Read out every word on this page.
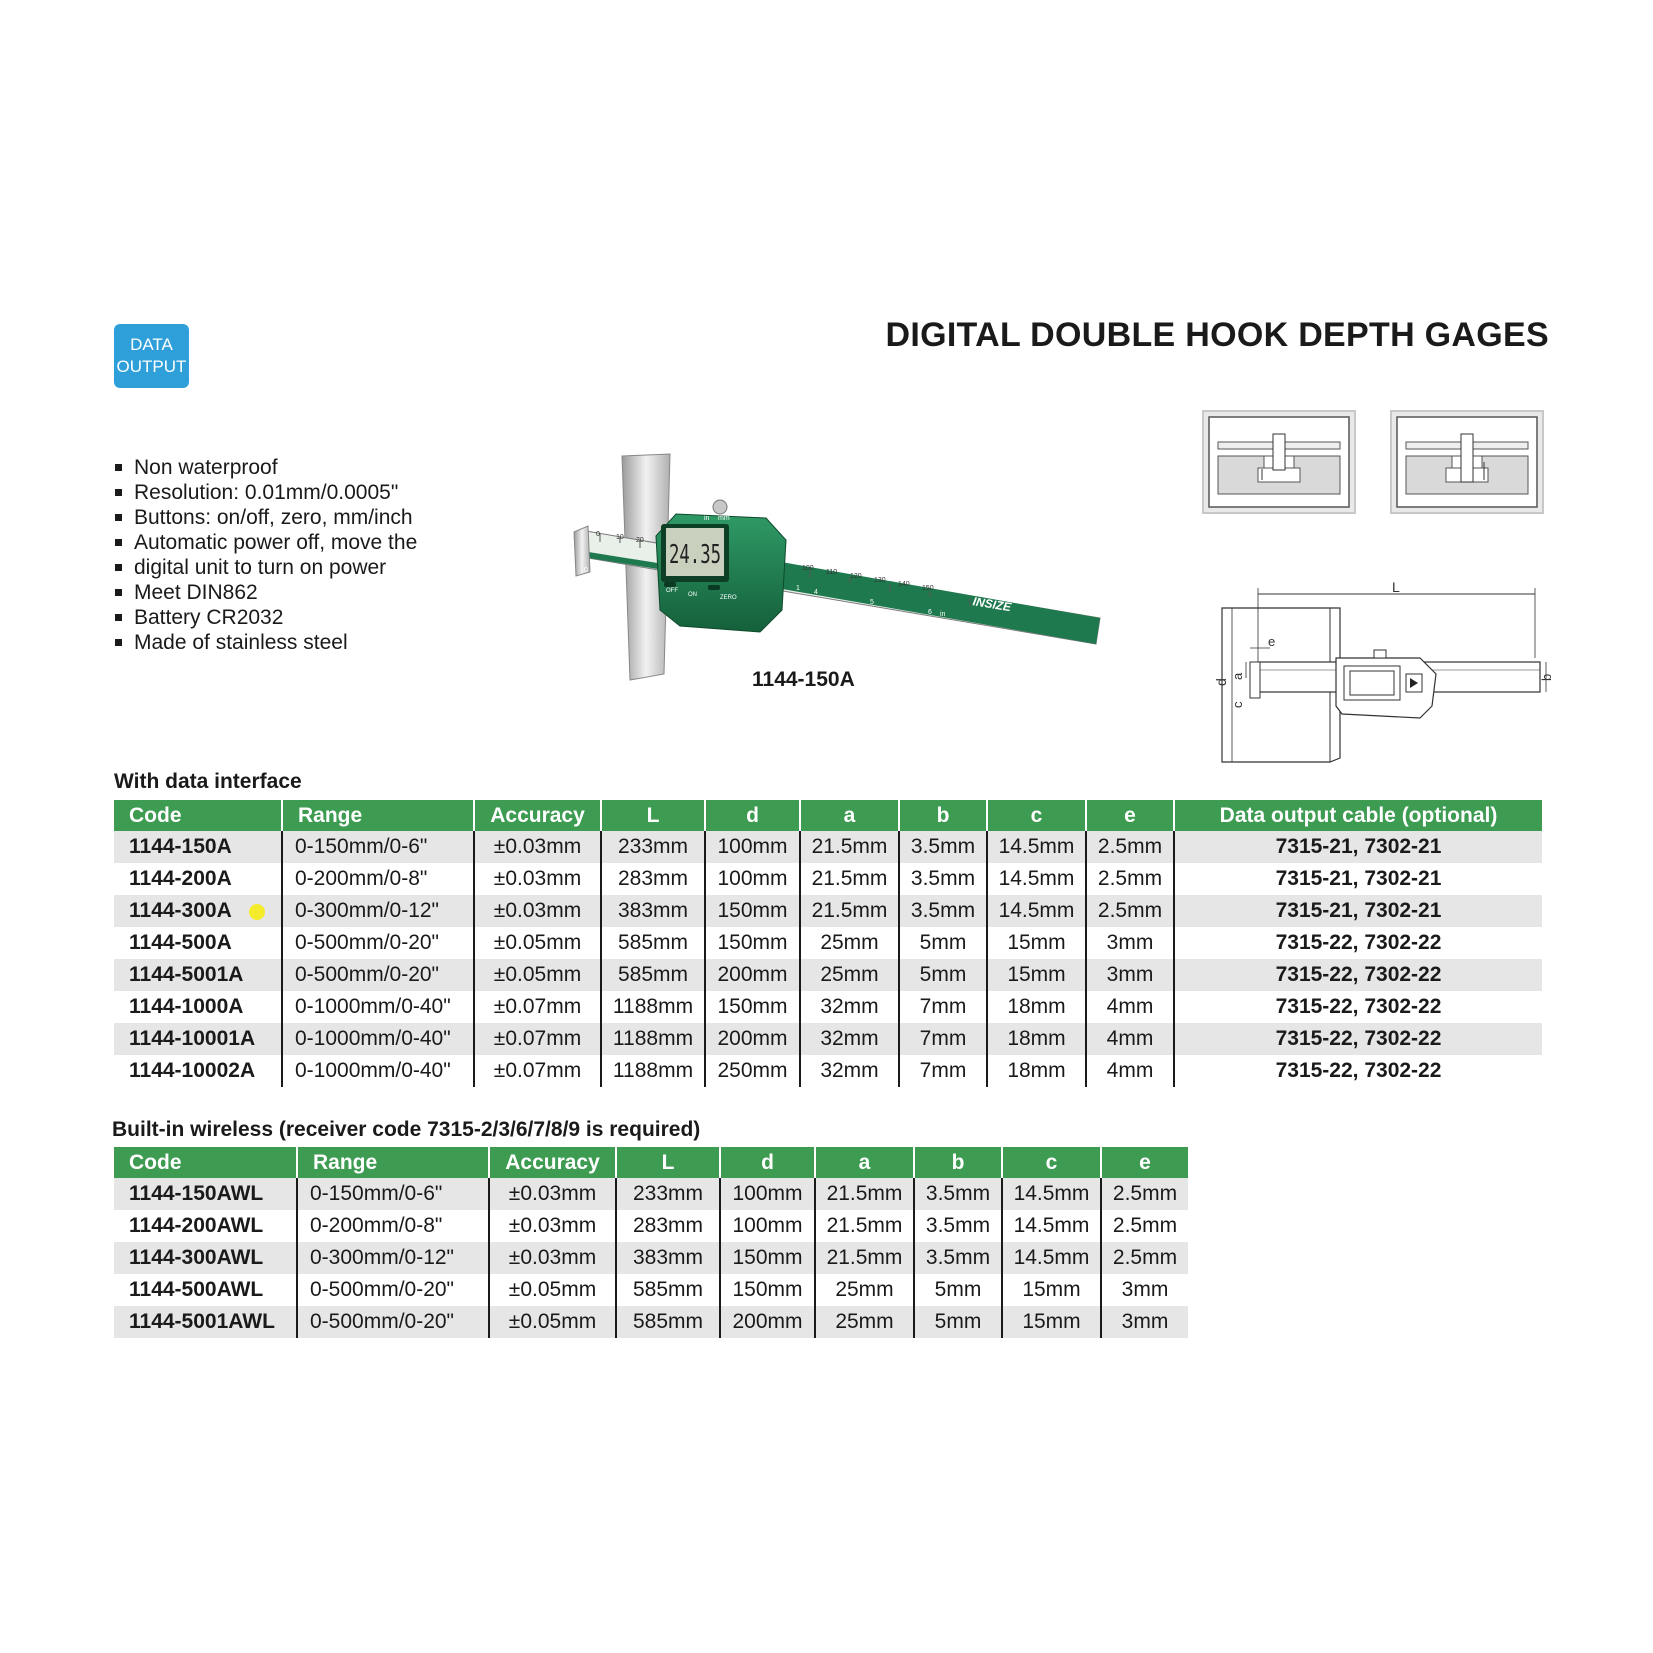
DATA
OUTPUT
DIGITAL DOUBLE HOOK DEPTH GAGES
Non waterproof
Resolution: 0.01mm/0.0005"
Buttons: on/off, zero, mm/inch
Automatic power off, move the
digital unit to turn on power
Meet DIN862
Battery CR2032
Made of stainless steel
0 10 20
100
110
120
130
140
150
0
1
4
5
6 in
INSIZE
24.35
in mm
OFF
ON	ZERO
1144-150A
L
d
a
c
e
b
With data interface
Code	Range	Accuracy	L	d	a	b	c	e	Data output cable (optional)
1144-150A	0-150mm/0-6"	±0.03mm	233mm	100mm	21.5mm	3.5mm	14.5mm	2.5mm	7315-21, 7302-21
1144-200A	0-200mm/0-8"	±0.03mm	283mm	100mm	21.5mm	3.5mm	14.5mm	2.5mm	7315-21, 7302-21
1144-300A	0-300mm/0-12"	±0.03mm	383mm	150mm	21.5mm	3.5mm	14.5mm	2.5mm	7315-21, 7302-21
1144-500A	0-500mm/0-20"	±0.05mm	585mm	150mm	25mm	5mm	15mm	3mm	7315-22, 7302-22
1144-5001A	0-500mm/0-20"	±0.05mm	585mm	200mm	25mm	5mm	15mm	3mm	7315-22, 7302-22
1144-1000A	0-1000mm/0-40"	±0.07mm	1188mm	150mm	32mm	7mm	18mm	4mm	7315-22, 7302-22
1144-10001A	0-1000mm/0-40"	±0.07mm	1188mm	200mm	32mm	7mm	18mm	4mm	7315-22, 7302-22
1144-10002A	0-1000mm/0-40"	±0.07mm	1188mm	250mm	32mm	7mm	18mm	4mm	7315-22, 7302-22
Built-in wireless (receiver code 7315-2/3/6/7/8/9 is required)
Code	Range	Accuracy	L	d	a	b	c	e
1144-150AWL	0-150mm/0-6"	±0.03mm	233mm	100mm	21.5mm	3.5mm	14.5mm	2.5mm
1144-200AWL	0-200mm/0-8"	±0.03mm	283mm	100mm	21.5mm	3.5mm	14.5mm	2.5mm
1144-300AWL	0-300mm/0-12"	±0.03mm	383mm	150mm	21.5mm	3.5mm	14.5mm	2.5mm
1144-500AWL	0-500mm/0-20"	±0.05mm	585mm	150mm	25mm	5mm	15mm	3mm
1144-5001AWL	0-500mm/0-20"	±0.05mm	585mm	200mm	25mm	5mm	15mm	3mm
